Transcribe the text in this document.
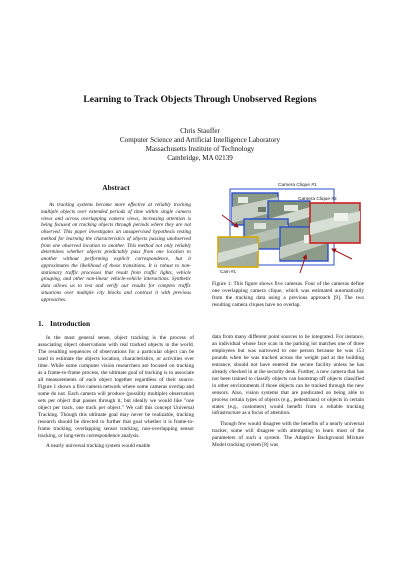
Learning to Track Objects Through Unobserved Regions
Chris Stauffer
Computer Science and Artificial Intelligence Laboratory
Massachusetts Institute of Technology
Cambridge, MA 02139
Abstract

As tracking systems become more effective at reliably tracking multiple objects over extended periods of time within single camera views and across overlapping camera views, increasing attention is being focused on tracking objects through periods where they are not observed. This paper investigates an unsupervised hypothesis testing method for learning the characteristics of objects passing unobserved from one observed location to another. This method not only reliably determines whether objects predictably pass from one location to another without performing explicit correspondence, but it approximates the likelihood of those transitions. It is robust to non-stationary traffic processes that result from traffic lights, vehicle grouping, and other non-linear vehicle-vehicle interactions. Synthetic data allows us to test and verify our results for complex traffic situations over multiple city blocks and contrast it with previous approaches.

1. Introduction

In the most general sense, object tracking is the process of associating object observations with real tracked objects in the world. The resulting sequences of observations for a particular object can be used to estimate the objects location, characteristics, or activities over time. While some computer vision researchers are focused on tracking as a frame-to-frame process, the ultimate goal of tracking is to associate all measurements of each object together regardless of their source. Figure 1 shows a five camera network where some cameras overlap and some do not. Each camera will produce (possibly multiple) observation sets per object that passes through it, but ideally we would like "one object per track, one track per object." We call this concept Universal Tracking. Though this ultimate goal may never be realizable, tracking research should be directed to further that goal whether it is frame-to-frame tracking, overlapping sensor tracking, non-overlapping sensor tracking, or long-term correspondence analysis.

A nearly universal tracking system would enable

Camera Clique #1
Camera Clique #2
Cam #1

Figure 1: This figure shows five cameras. Four of the cameras define one overlapping camera clique, which was estimated automatically from the tracking data using a previous approach [9]. The two resulting camera cliques have no overlap.

data from many different point sources to be integrated. For instance, an individual whose face scan in the parking lot matches one of three employees but was narrowed to one person because he was 153 pounds when he was tracked across the weight pad at the building entrance, should not have entered the secure facility unless he has already checked in at the security desk. Further, a new camera that has not been trained to classify objects can bootstrap off objects classified in other environments if those objects can be tracked through the new sensors. Also, vision systems that are predicated on being able to process certain types of objects (e.g., pedestrians) or objects in certain states (e.g., customers) would benefit from a reliable tracking infrastructure as a focus of attention.

Though few would disagree with the benefits of a nearly universal tracker, some will disagree with attempting to learn most of the parameters of such a system. The Adaptive Background Mixture Model tracking system [8] was
